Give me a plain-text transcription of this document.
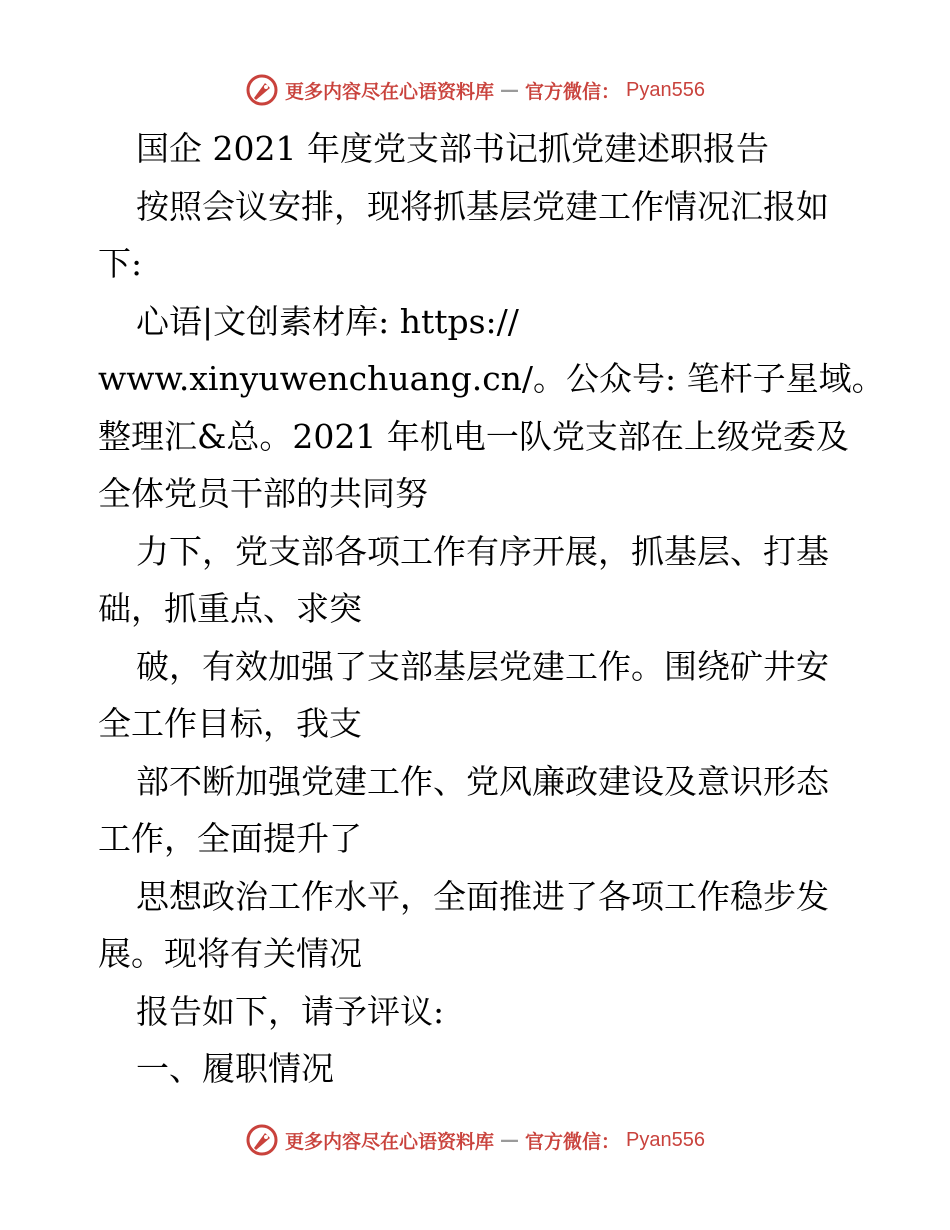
更多内容尽在心语资料库 — 官方微信： Pyan556
国企 2021 年度党支部书记抓党建述职报告
按照会议安排，现将抓基层党建工作情况汇报如
下:
心语|文创素材库: https://
www.xinyuwenchuang.cn/。公众号: 笔杆子星域。
整理汇&总。2021 年机电一队党支部在上级党委及
全体党员干部的共同努
力下，党支部各项工作有序开展，抓基层、打基
础，抓重点、求突
破，有效加强了支部基层党建工作。围绕矿井安
全工作目标，我支
部不断加强党建工作、党风廉政建设及意识形态
工作，全面提升了
思想政治工作水平，全面推进了各项工作稳步发
展。现将有关情况
报告如下，请予评议:
一、履职情况
更多内容尽在心语资料库 — 官方微信： Pyan556
